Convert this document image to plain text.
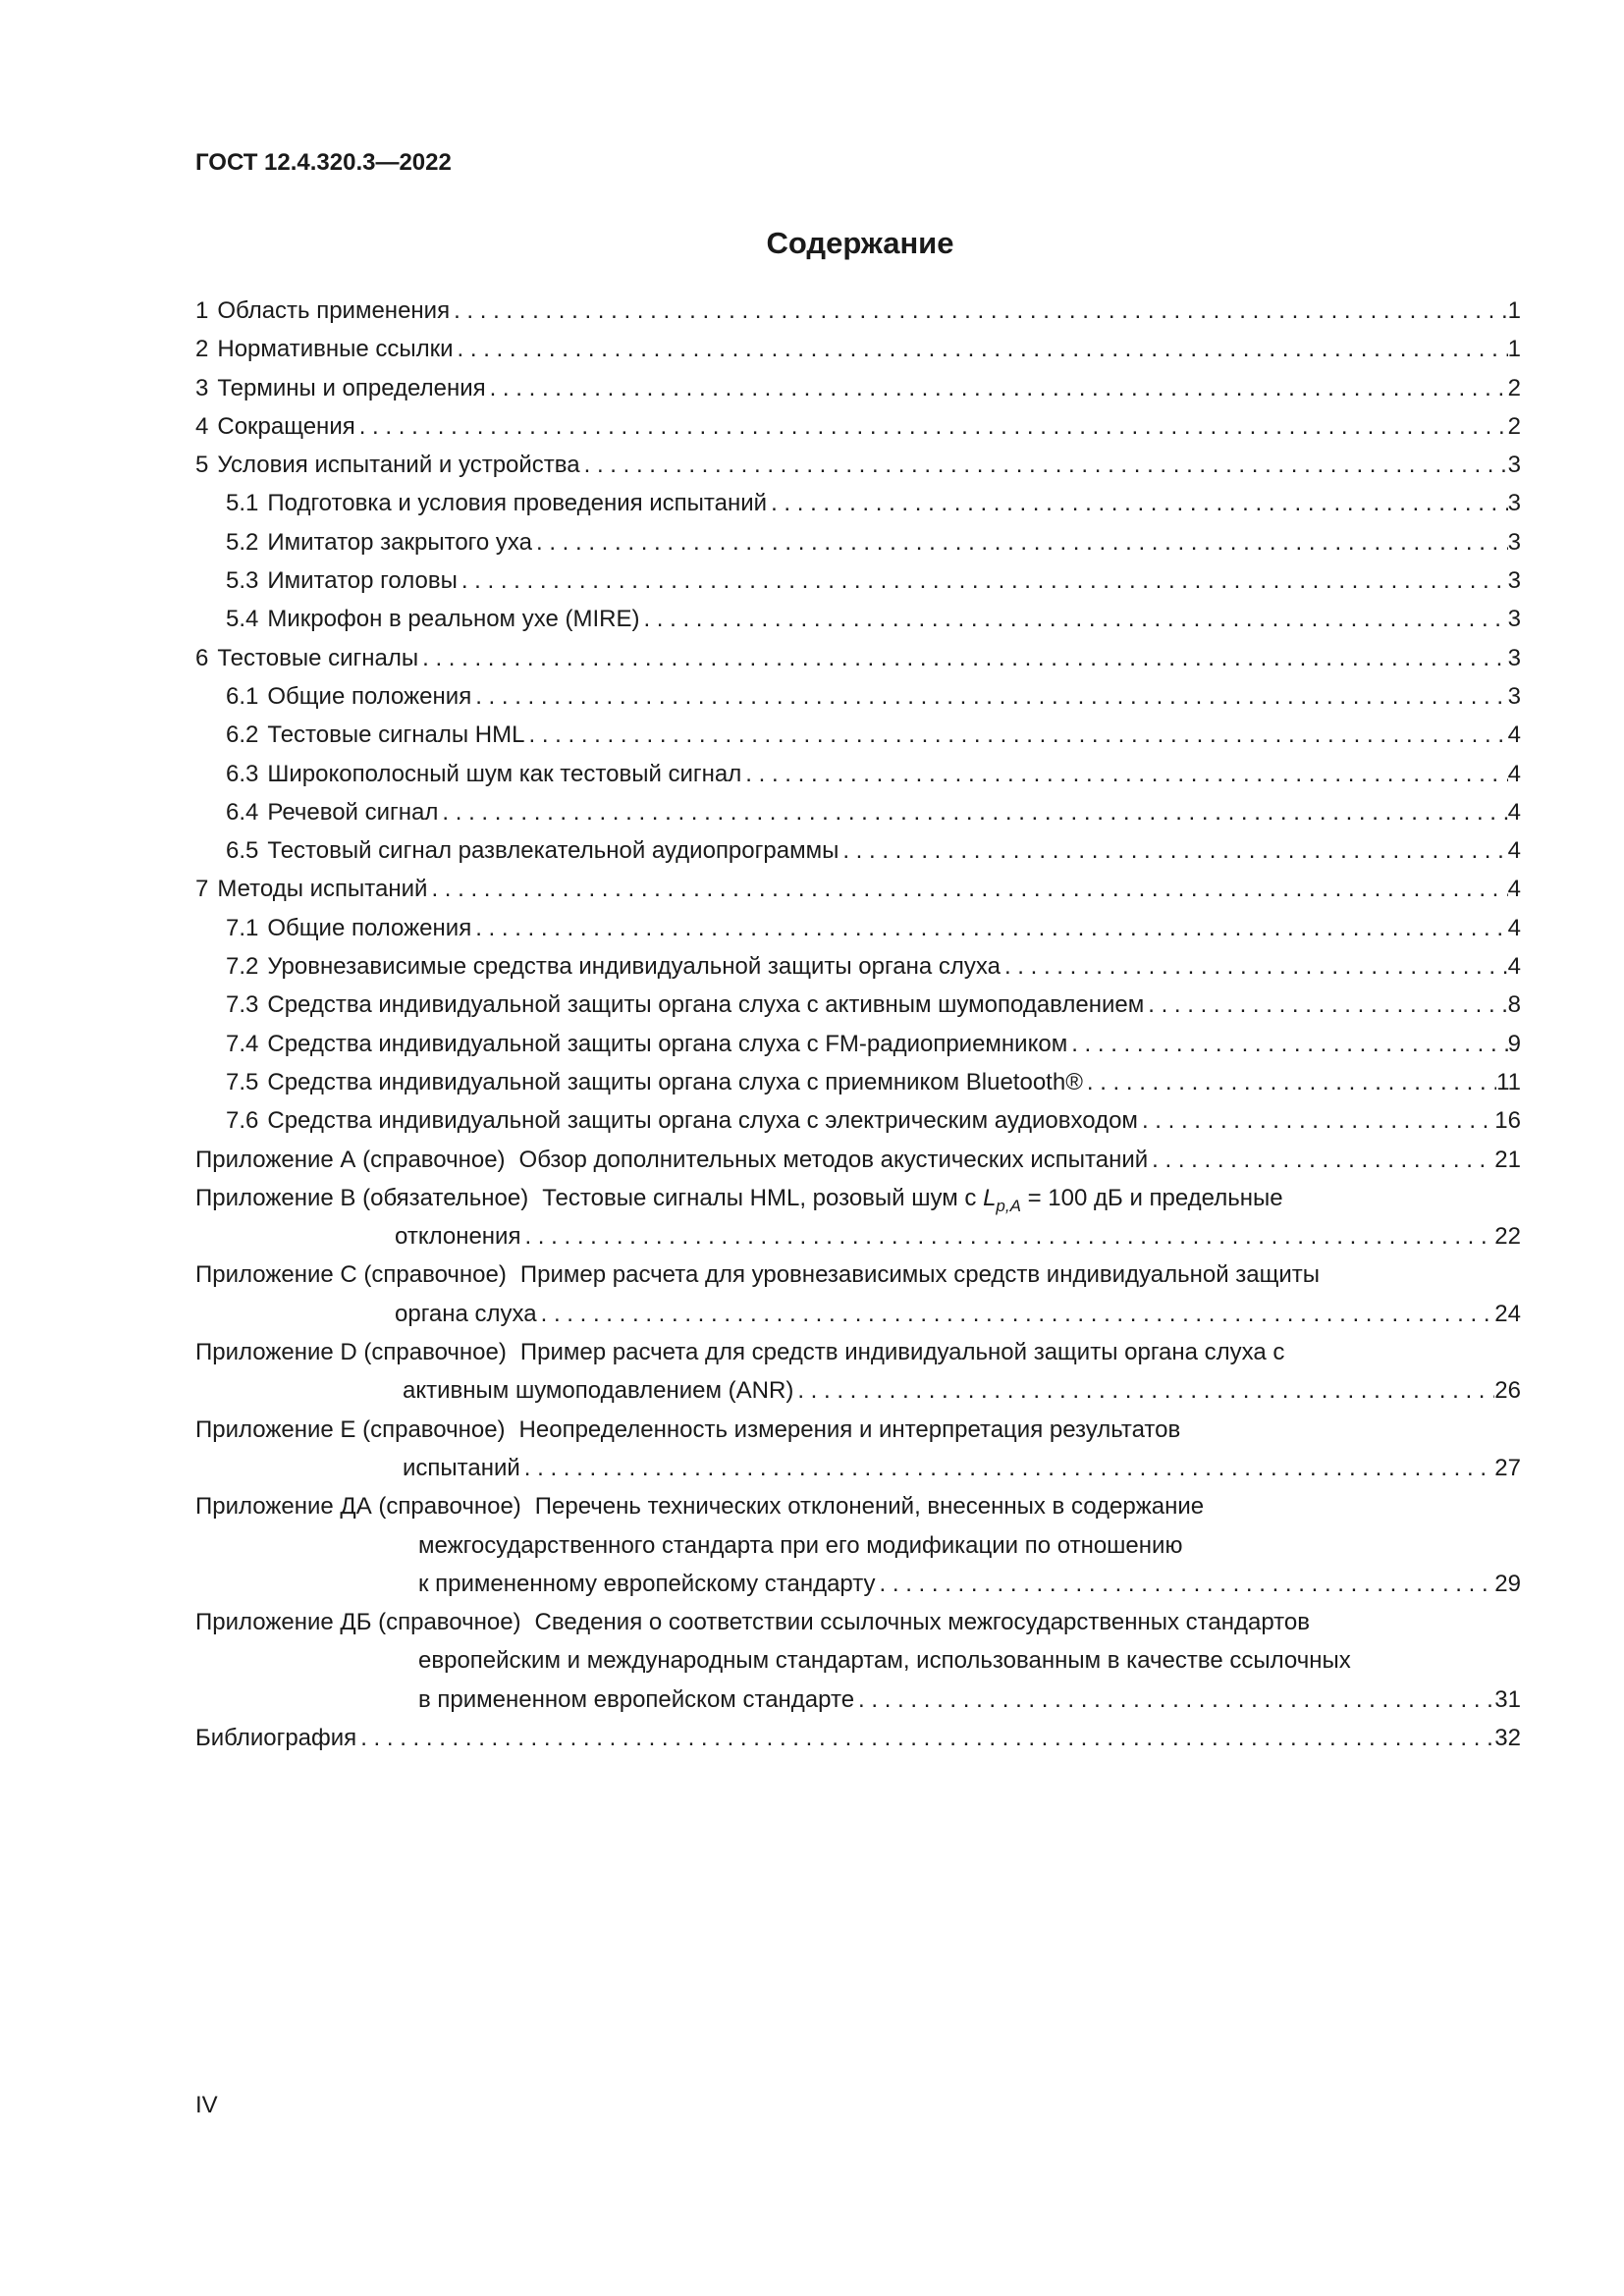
ГОСТ 12.4.320.3—2022
Содержание
1 Область применения . . .	1
2 Нормативные ссылки . . .	1
3 Термины и определения . . .	2
4 Сокращения . . .	2
5 Условия испытаний и устройства . . .	3
5.1 Подготовка и условия проведения испытаний . . .	3
5.2 Имитатор закрытого уха . . .	3
5.3 Имитатор головы . . .	3
5.4 Микрофон в реальном ухе (MIRE) . . .	3
6 Тестовые сигналы . . .	3
6.1 Общие положения . . .	3
6.2 Тестовые сигналы HML . . .	4
6.3 Широкополосный шум как тестовый сигнал . . .	4
6.4 Речевой сигнал . . .	4
6.5 Тестовый сигнал развлекательной аудиопрограммы . . .	4
7 Методы испытаний . . .	4
7.1 Общие положения . . .	4
7.2 Уровнезависимые средства индивидуальной защиты органа слуха . . .	4
7.3 Средства индивидуальной защиты органа слуха с активным шумоподавлением . . .	8
7.4 Средства индивидуальной защиты органа слуха с FM-радиоприемником . . .	9
7.5 Средства индивидуальной защиты органа слуха с приемником Bluetooth® . . .	11
7.6 Средства индивидуальной защиты органа слуха с электрическим аудиовходом . . .	16
Приложение А (справочное) Обзор дополнительных методов акустических испытаний . . .	21
Приложение В (обязательное) Тестовые сигналы HML, розовый шум с $L_{p,A} = 100$ дБ и предельные
отклонения . . .	22
Приложение С (справочное) Пример расчета для уровнезависимых средств индивидуальной защиты
органа слуха . . .	24
Приложение D (справочное) Пример расчета для средств индивидуальной защиты органа слуха с
активным шумоподавлением (ANR) . . .	26
Приложение E (справочное) Неопределенность измерения и интерпретация результатов
испытаний . . .	27
Приложение ДА (справочное) Перечень технических отклонений, внесенных в содержание
межгосударственного стандарта при его модификации по отношению
к примененному европейскому стандарту . . .	29
Приложение ДБ (справочное) Сведения о соответствии ссылочных межгосударственных стандартов
европейским и международным стандартам, использованным в качестве ссылочных
в примененном европейском стандарте . . .	31
Библиография . . .	32
IV
